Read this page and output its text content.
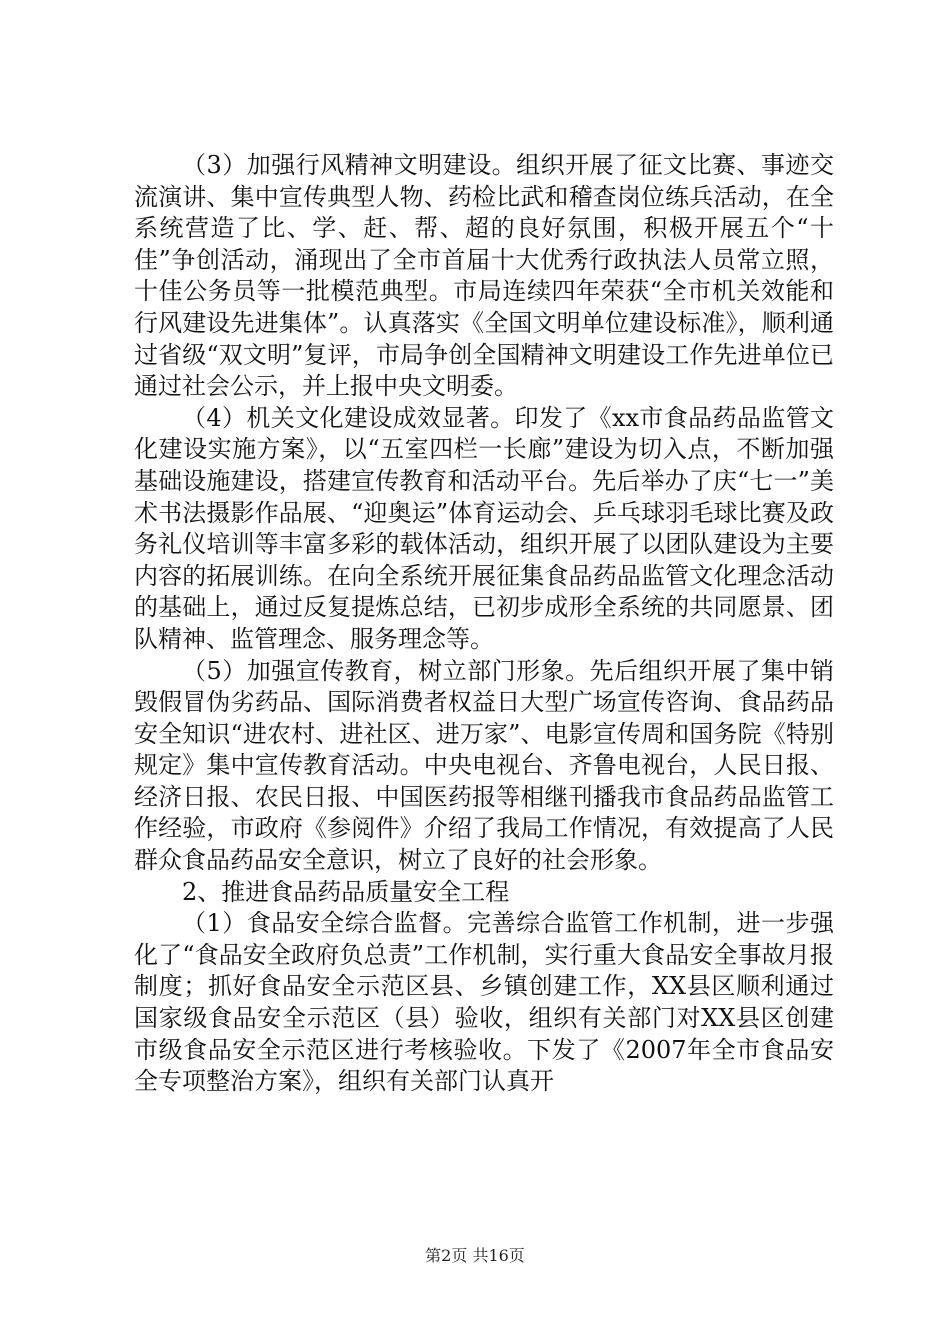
（3）加强行风精神文明建设。组织开展了征文比赛、事迹交流演讲、集中宣传典型人物、药检比武和稽查岗位练兵活动，在全系统营造了比、学、赶、帮、超的良好氛围，积极开展五个“十佳”争创活动，涌现出了全市首届十大优秀行政执法人员常立照，十佳公务员等一批模范典型。市局连续四年荣获“全市机关效能和行风建设先进集体”。认真落实《全国文明单位建设标准》，顺利通过省级“双文明”复评，市局争创全国精神文明建设工作先进单位已通过社会公示，并上报中央文明委。

（4）机关文化建设成效显著。印发了《xx市食品药品监管文化建设实施方案》，以“五室四栏一长廊”建设为切入点，不断加强基础设施建设，搭建宣传教育和活动平台。先后举办了庆“七一”美术书法摄影作品展、“迎奥运”体育运动会、乒乓球羽毛球比赛及政务礼仪培训等丰富多彩的载体活动，组织开展了以团队建设为主要内容的拓展训练。在向全系统开展征集食品药品监管文化理念活动的基础上，通过反复提炼总结，已初步成形全系统的共同愿景、团队精神、监管理念、服务理念等。

（5）加强宣传教育，树立部门形象。先后组织开展了集中销毁假冒伪劣药品、国际消费者权益日大型广场宣传咨询、食品药品安全知识“进农村、进社区、进万家”、电影宣传周和国务院《特别规定》集中宣传教育活动。中央电视台、齐鲁电视台，人民日报、经济日报、农民日报、中国医药报等相继刊播我市食品药品监管工作经验，市政府《参阅件》介绍了我局工作情况，有效提高了人民群众食品药品安全意识，树立了良好的社会形象。

2、推进食品药品质量安全工程

（1）食品安全综合监督。完善综合监管工作机制，进一步强化了“食品安全政府负总责”工作机制，实行重大食品安全事故月报制度；抓好食品安全示范区县、乡镇创建工作，XX县区顺利通过国家级食品安全示范区（县）验收，组织有关部门对XX县区创建市级食品安全示范区进行考核验收。下发了《2007年全市食品安全专项整治方案》，组织有关部门认真开

第2页 共16页
